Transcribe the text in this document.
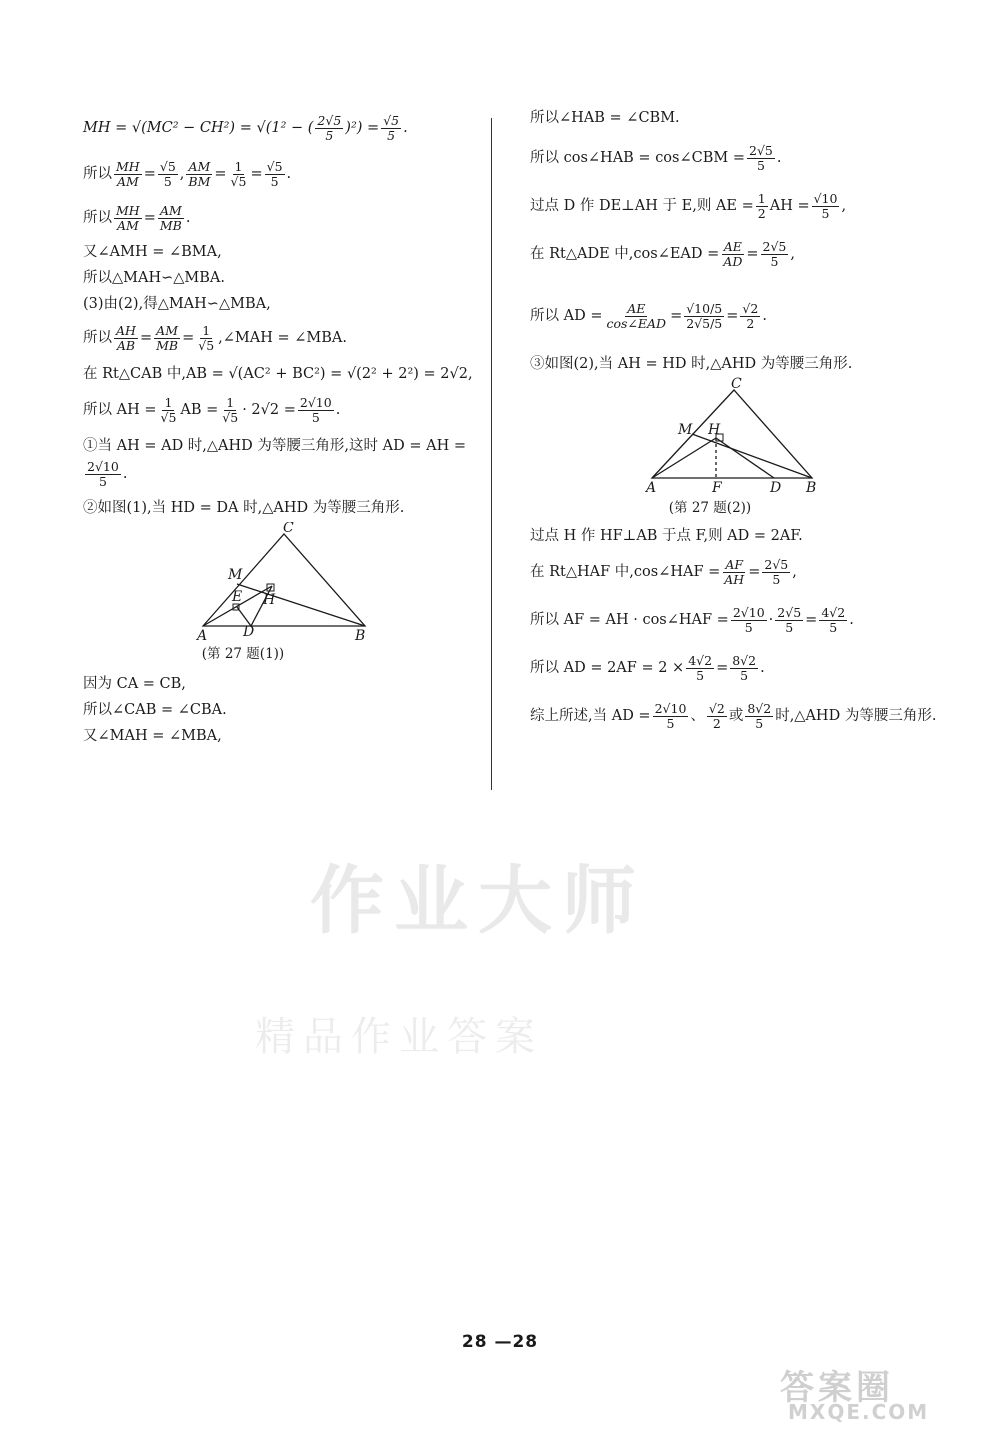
作业大师
精品作业答案
MH = √(MC² − CH²) = √(1² − ( $\frac{2√5}{5} )^2) = \frac{√5}{5}$ .
所以 $\frac{MH}{AM} = \frac{√5}{5}$ , $\frac{AM}{BM} = \frac{1}{√5} = \frac{√5}{5}$ .
所以 $\frac{MH}{AM} = \frac{AM}{MB}$ .
又∠AMH = ∠BMA,
所以△MAH∽△MBA.
(3)由(2),得△MAH∽△MBA,
所以 $\frac{AH}{AB} = \frac{AM}{MB} = \frac{1}{√5}$ ,∠MAH = ∠MBA.
在 Rt△CAB 中,AB = √(AC² + BC²) = √(2² + 2²) = 2√2,
所以 AH = $\frac{1}{√5}$ AB = $\frac{1}{√5} \cdot 2√2 = \frac{2√10}{5}$ .
①当 AH = AD 时,△AHD 为等腰三角形,这时 AD = AH =
$\frac{2√10}{5}$ .
②如图(1),当 HD = DA 时,△AHD 为等腰三角形.
C
M
E H
A	D	B
(第 27 题(1))
因为 CA = CB,
所以∠CAB = ∠CBA.
又∠MAH = ∠MBA,
所以∠HAB = ∠CBM.
所以 cos∠HAB = cos∠CBM = $\frac{2√5}{5}$ .
过点 D 作 DE⊥AH 于 E,则 AE = $\frac{1}{2}$ AH = $\frac{√10}{5}$ ,
在 Rt△ADE 中,cos∠EAD = $\frac{AE}{AD} = \frac{2√5}{5}$ ,
所以 AD = $\frac{AE}{\text{cos∠EAD}} = \frac{√10/5}{2√5/5} = \frac{√2}{2}$ .
③如图(2),当 AH = HD 时,△AHD 为等腰三角形.
C
M H
A	F	D B
(第 27 题(2))
过点 H 作 HF⊥AB 于点 F,则 AD = 2AF.
在 Rt△HAF 中,cos∠HAF = $\frac{AF}{AH} = \frac{2√5}{5}$ ,
所以 AF = AH · cos∠HAF = $\frac{2√10}{5} \cdot \frac{2√5}{5} = \frac{4√2}{5}$ .
所以 AD = $2AF = 2 \times \frac{4√2}{5} = \frac{8√2}{5}$ .
综上所述,当 AD = $\frac{2√10}{5}$ 、 $\frac{√2}{2}$ 或 $\frac{8√2}{5}$ 时,△AHD 为等腰三角形.
28 —28
答案圈
MXQE.COM
